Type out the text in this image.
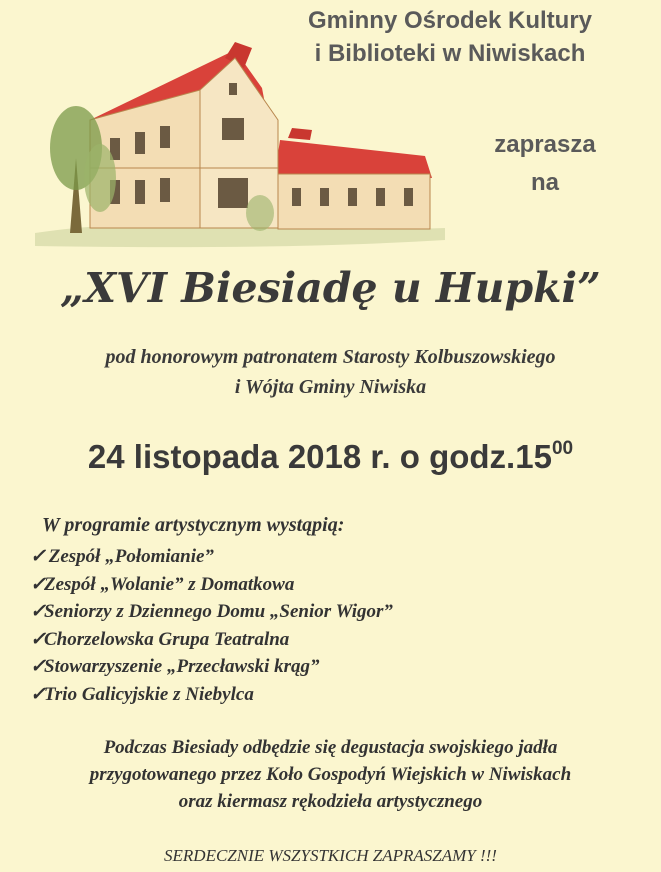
Gminny Ośrodek Kultury
i Biblioteki w Niwiskach
zaprasza
na
„XVI Biesiadę u Hupki”
pod honorowym patronatem Starosty Kolbuszowskiego
i Wójta Gminy Niwiska
24 listopada 2018 r. o $godz.15^{00}$
W programie artystycznym wystąpią:
✓ Zespół „Połomianie”
✓Zespół „Wolanie” z Domatkowa
✓Seniorzy z Dziennego Domu „Senior Wigor”
✓Chorzelowska Grupa Teatralna
✓Stowarzyszenie „Przecławski krąg”
✓Trio Galicyjskie z Niebylca
Podczas Biesiady odbędzie się degustacja swojskiego jadła
przygotowanego przez Koło Gospodyń Wiejskich w Niwiskach
oraz kiermasz rękodzieła artystycznego
SERDECZNIE WSZYSTKICH ZAPRASZAMY !!!
